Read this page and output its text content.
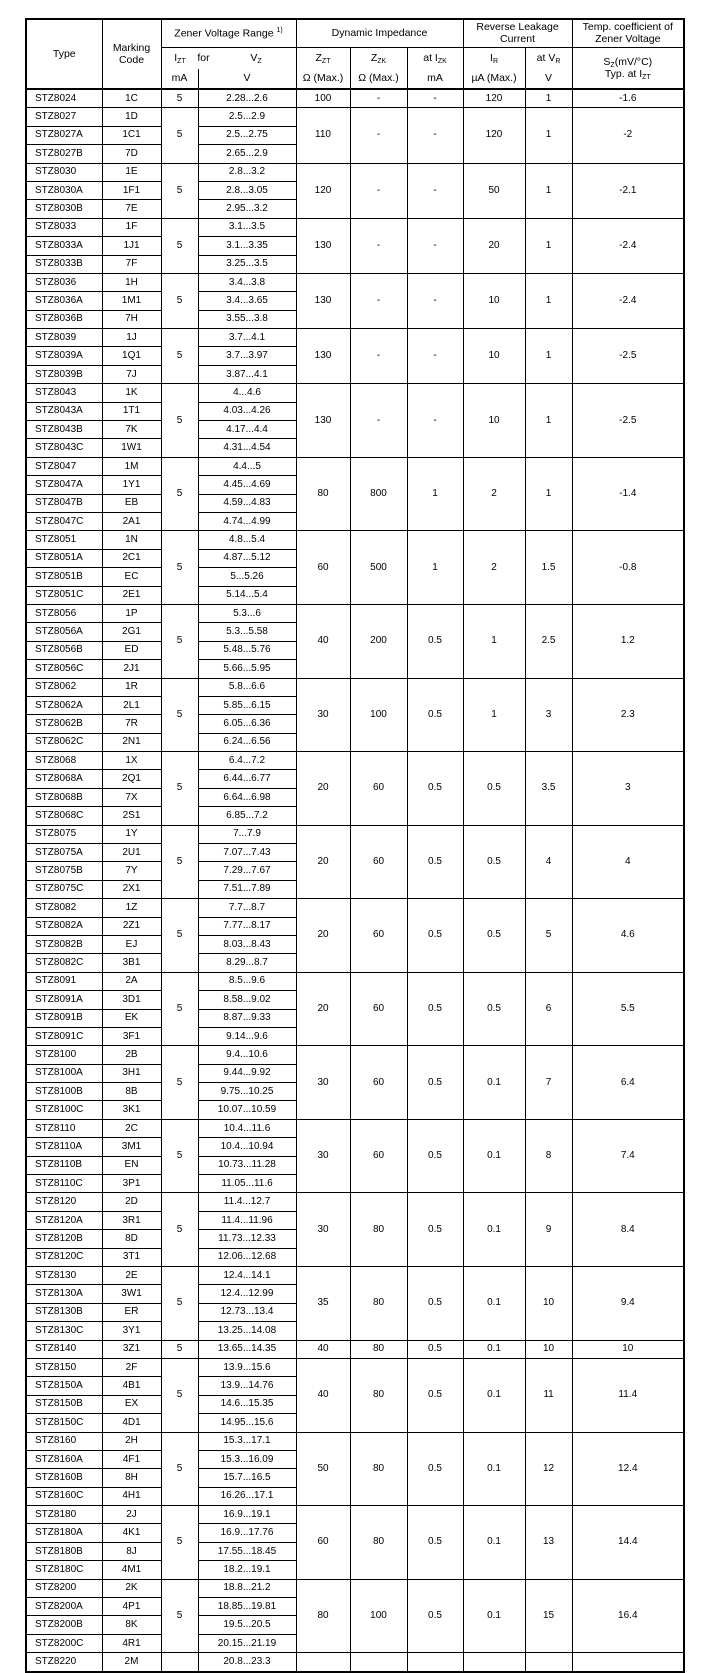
Type	Marking Code	Zener Voltage Range $^{1)}$		Dynamic Impedance			Reverse Leakage Current		Temp. coefficient of Zener Voltage

		$I_{ZT}$ for $V_Z$		$Z_{ZT}$	$Z_{ZK}$	at $I_{ZK}$	$I_R$	at $V_R$	$S_Z(mV/^\circ C)$
Typ. at $I_{ZT}$
		mA	V	Ω (Max.)	Ω (Max.)	mA	µA (Max.)	V	
STZ8024	1C	5	2.28...2.6	100	-	-	120	1	-1.6
STZ8027	1D	5	2.5...2.9	110	-	-	120	1	-2
STZ8027A	1C1		2.5...2.75						
STZ8027B	7D		2.65...2.9						
STZ8030	1E	5	2.8...3.2	120	-	-	50	1	-2.1
STZ8030A	1F1		2.8...3.05						
STZ8030B	7E		2.95...3.2						
STZ8033	1F	5	3.1...3.5	130	-	-	20	1	-2.4
STZ8033A	1J1		3.1...3.35						
STZ8033B	7F		3.25...3.5						
STZ8036	1H	5	3.4...3.8	130	-	-	10	1	-2.4
STZ8036A	1M1		3.4...3.65						
STZ8036B	7H		3.55...3.8						
STZ8039	1J	5	3.7...4.1	130	-	-	10	1	-2.5
STZ8039A	1Q1		3.7...3.97						
STZ8039B	7J		3.87...4.1						
STZ8043	1K	5	4...4.6	130	-	-	10	1	-2.5
STZ8043A	1T1		4.03...4.26						
STZ8043B	7K		4.17...4.4						
STZ8043C	1W1		4.31...4.54						
STZ8047	1M	5	4.4...5	80	800	1	2	1	-1.4
STZ8047A	1Y1		4.45...4.69						
STZ8047B	EB		4.59...4.83						
STZ8047C	2A1		4.74...4.99						
STZ8051	1N	5	4.8...5.4	60	500	1	2	1.5	-0.8
STZ8051A	2C1		4.87...5.12						
STZ8051B	EC		5...5.26						
STZ8051C	2E1		5.14...5.4						
STZ8056	1P	5	5.3...6	40	200	0.5	1	2.5	1.2
STZ8056A	2G1		5.3...5.58						
STZ8056B	ED		5.48...5.76						
STZ8056C	2J1		5.66...5.95						
STZ8062	1R	5	5.8...6.6	30	100	0.5	1	3	2.3
STZ8062A	2L1		5.85...6.15						
STZ8062B	7R		6.05...6.36						
STZ8062C	2N1		6.24...6.56						
STZ8068	1X	5	6.4...7.2	20	60	0.5	0.5	3.5	3
STZ8068A	2Q1		6.44...6.77						
STZ8068B	7X		6.64...6.98						
STZ8068C	2S1		6.85...7.2						
STZ8075	1Y	5	7...7.9	20	60	0.5	0.5	4	4
STZ8075A	2U1		7.07...7.43						
STZ8075B	7Y		7.29...7.67						
STZ8075C	2X1		7.51...7.89						
STZ8082	1Z	5	7.7...8.7	20	60	0.5	0.5	5	4.6
STZ8082A	2Z1		7.77...8.17						
STZ8082B	EJ		8.03...8.43						
STZ8082C	3B1		8.29...8.7						
STZ8091	2A	5	8.5...9.6	20	60	0.5	0.5	6	5.5
STZ8091A	3D1		8.58...9.02						
STZ8091B	EK		8.87...9.33						
STZ8091C	3F1		9.14...9.6						
STZ8100	2B	5	9.4...10.6	30	60	0.5	0.1	7	6.4
STZ8100A	3H1		9.44...9.92						
STZ8100B	8B		9.75...10.25						
STZ8100C	3K1		10.07...10.59						
STZ8110	2C	5	10.4...11.6	30	60	0.5	0.1	8	7.4
STZ8110A	3M1		10.4...10.94						
STZ8110B	EN		10.73...11.28						
STZ8110C	3P1		11.05...11.6						
STZ8120	2D	5	11.4...12.7	30	80	0.5	0.1	9	8.4
STZ8120A	3R1		11.4...11.96						
STZ8120B	8D		11.73...12.33						
STZ8120C	3T1		12.06...12.68						
STZ8130	2E	5	12.4...14.1	35	80	0.5	0.1	10	9.4
STZ8130A	3W1		12.4...12.99						
STZ8130B	ER		12.73...13.4						
STZ8130C	3Y1		13.25...14.08						
STZ8140	3Z1	5	13.65...14.35	40	80	0.5	0.1	10	10
STZ8150	2F	5	13.9...15.6	40	80	0.5	0.1	11	11.4
STZ8150A	4B1		13.9...14.76						
STZ8150B	EX		14.6...15.35						
STZ8150C	4D1		14.95...15.6						
STZ8160	2H	5	15.3...17.1	50	80	0.5	0.1	12	12.4
STZ8160A	4F1		15.3...16.09						
STZ8160B	8H		15.7...16.5						
STZ8160C	4H1		16.26...17.1						
STZ8180	2J	5	16.9...19.1	60	80	0.5	0.1	13	14.4
STZ8180A	4K1		16.9...17.76						
STZ8180B	8J		17.55...18.45						
STZ8180C	4M1		18.2...19.1						
STZ8200	2K	5	18.8...21.2	80	100	0.5	0.1	15	16.4
STZ8200A	4P1		18.85...19.81						
STZ8200B	8K		19.5...20.5						
STZ8200C	4R1		20.15...21.19						
STZ8220	2M		20.8...23.3						
